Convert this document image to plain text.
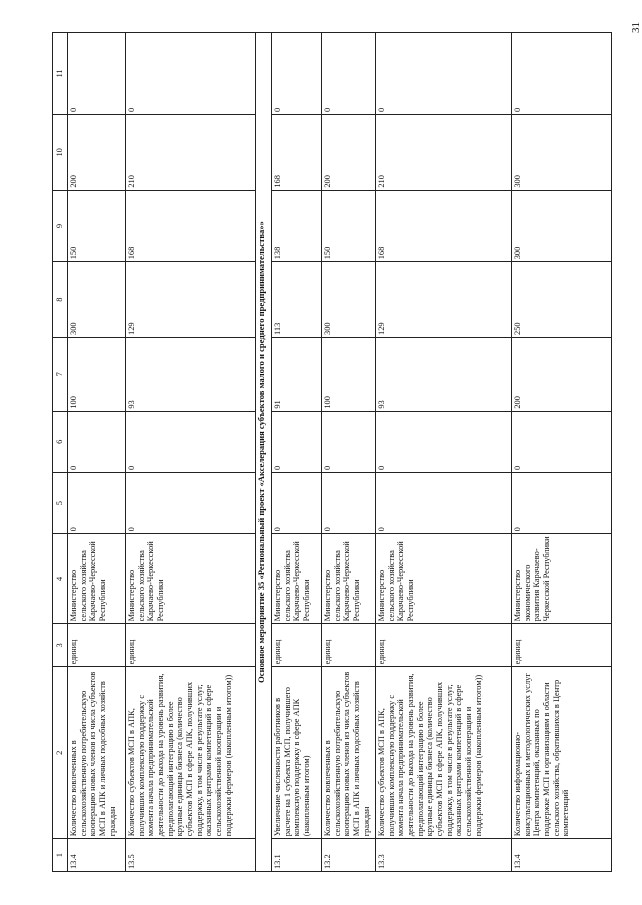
31
1	2	3	4	5	6	7	8	9	10	11
13.4	Количество вовлеченных в сельскохозяйственную потребительскую кооперацию новых членов из числа субъектов МСП в АПК и личных подсобных хозяйств граждан	единиц	Министерство сельского хозяйства Карачаево-Черкесской Республики	0	0	100	300	150	200	0
13.5	Количество субъектов МСП в АПК, получивших комплексную поддержку с момента начала предпринимательской деятельности до выхода на уровень развития, предполагающий интеграцию в более крупные единицы бизнеса (количество субъектов МСП в сфере АПК, получивших поддержку, в том числе в результате услуг, оказанных центрами компетенций в сфере сельскохозяйственной кооперации и поддержки фермеров (накопленным итогом))	единиц	Министерство сельского хозяйства Карачаево-Черкесской Республики	0	0	93	129	168	210	0
Основное мероприятие 35 «Региональный проект «Акселерация субъектов малого и среднего предпринимательства»»										
13.1	Увеличение численности работников в расчете на 1 субъекта МСП, получившего комплексную поддержку в сфере АПК (накопленным итогом)	единиц	Министерство сельского хозяйства Карачаево-Черкесской Республики	0	0	91	113	138	168	0
13.2	Количество вовлеченных в сельскохозяйственную потребительскую кооперацию новых членов из числа субъектов МСП в АПК и личных подсобных хозяйств граждан	единиц	Министерство сельского хозяйства Карачаево-Черкесской Республики	0	0	100	300	150	200	0
13.3	Количество субъектов МСП в АПК, получивших комплексную поддержку с момента начала предпринимательской деятельности до выхода на уровень развития, предполагающий интеграцию в более крупные единицы бизнеса (количество субъектов МСП в сфере АПК, получивших поддержку, в том числе в результате услуг, оказанных центрами компетенций в сфере сельскохозяйственной кооперации и поддержки фермеров (накопленным итогом))	единиц	Министерство сельского хозяйства Карачаево-Черкесской Республики	0	0	93	129	168	210	0
13.4	Количество информационно-консультационных и методологических услуг Центра компетенций, оказанных по поддержке МСП и организациям в области сельского хозяйства, обратившихся в Центр компетенций	единиц	Министерство экономического развития Карачаево-Черкесской Республики	0	0	200	250	300	300	0
